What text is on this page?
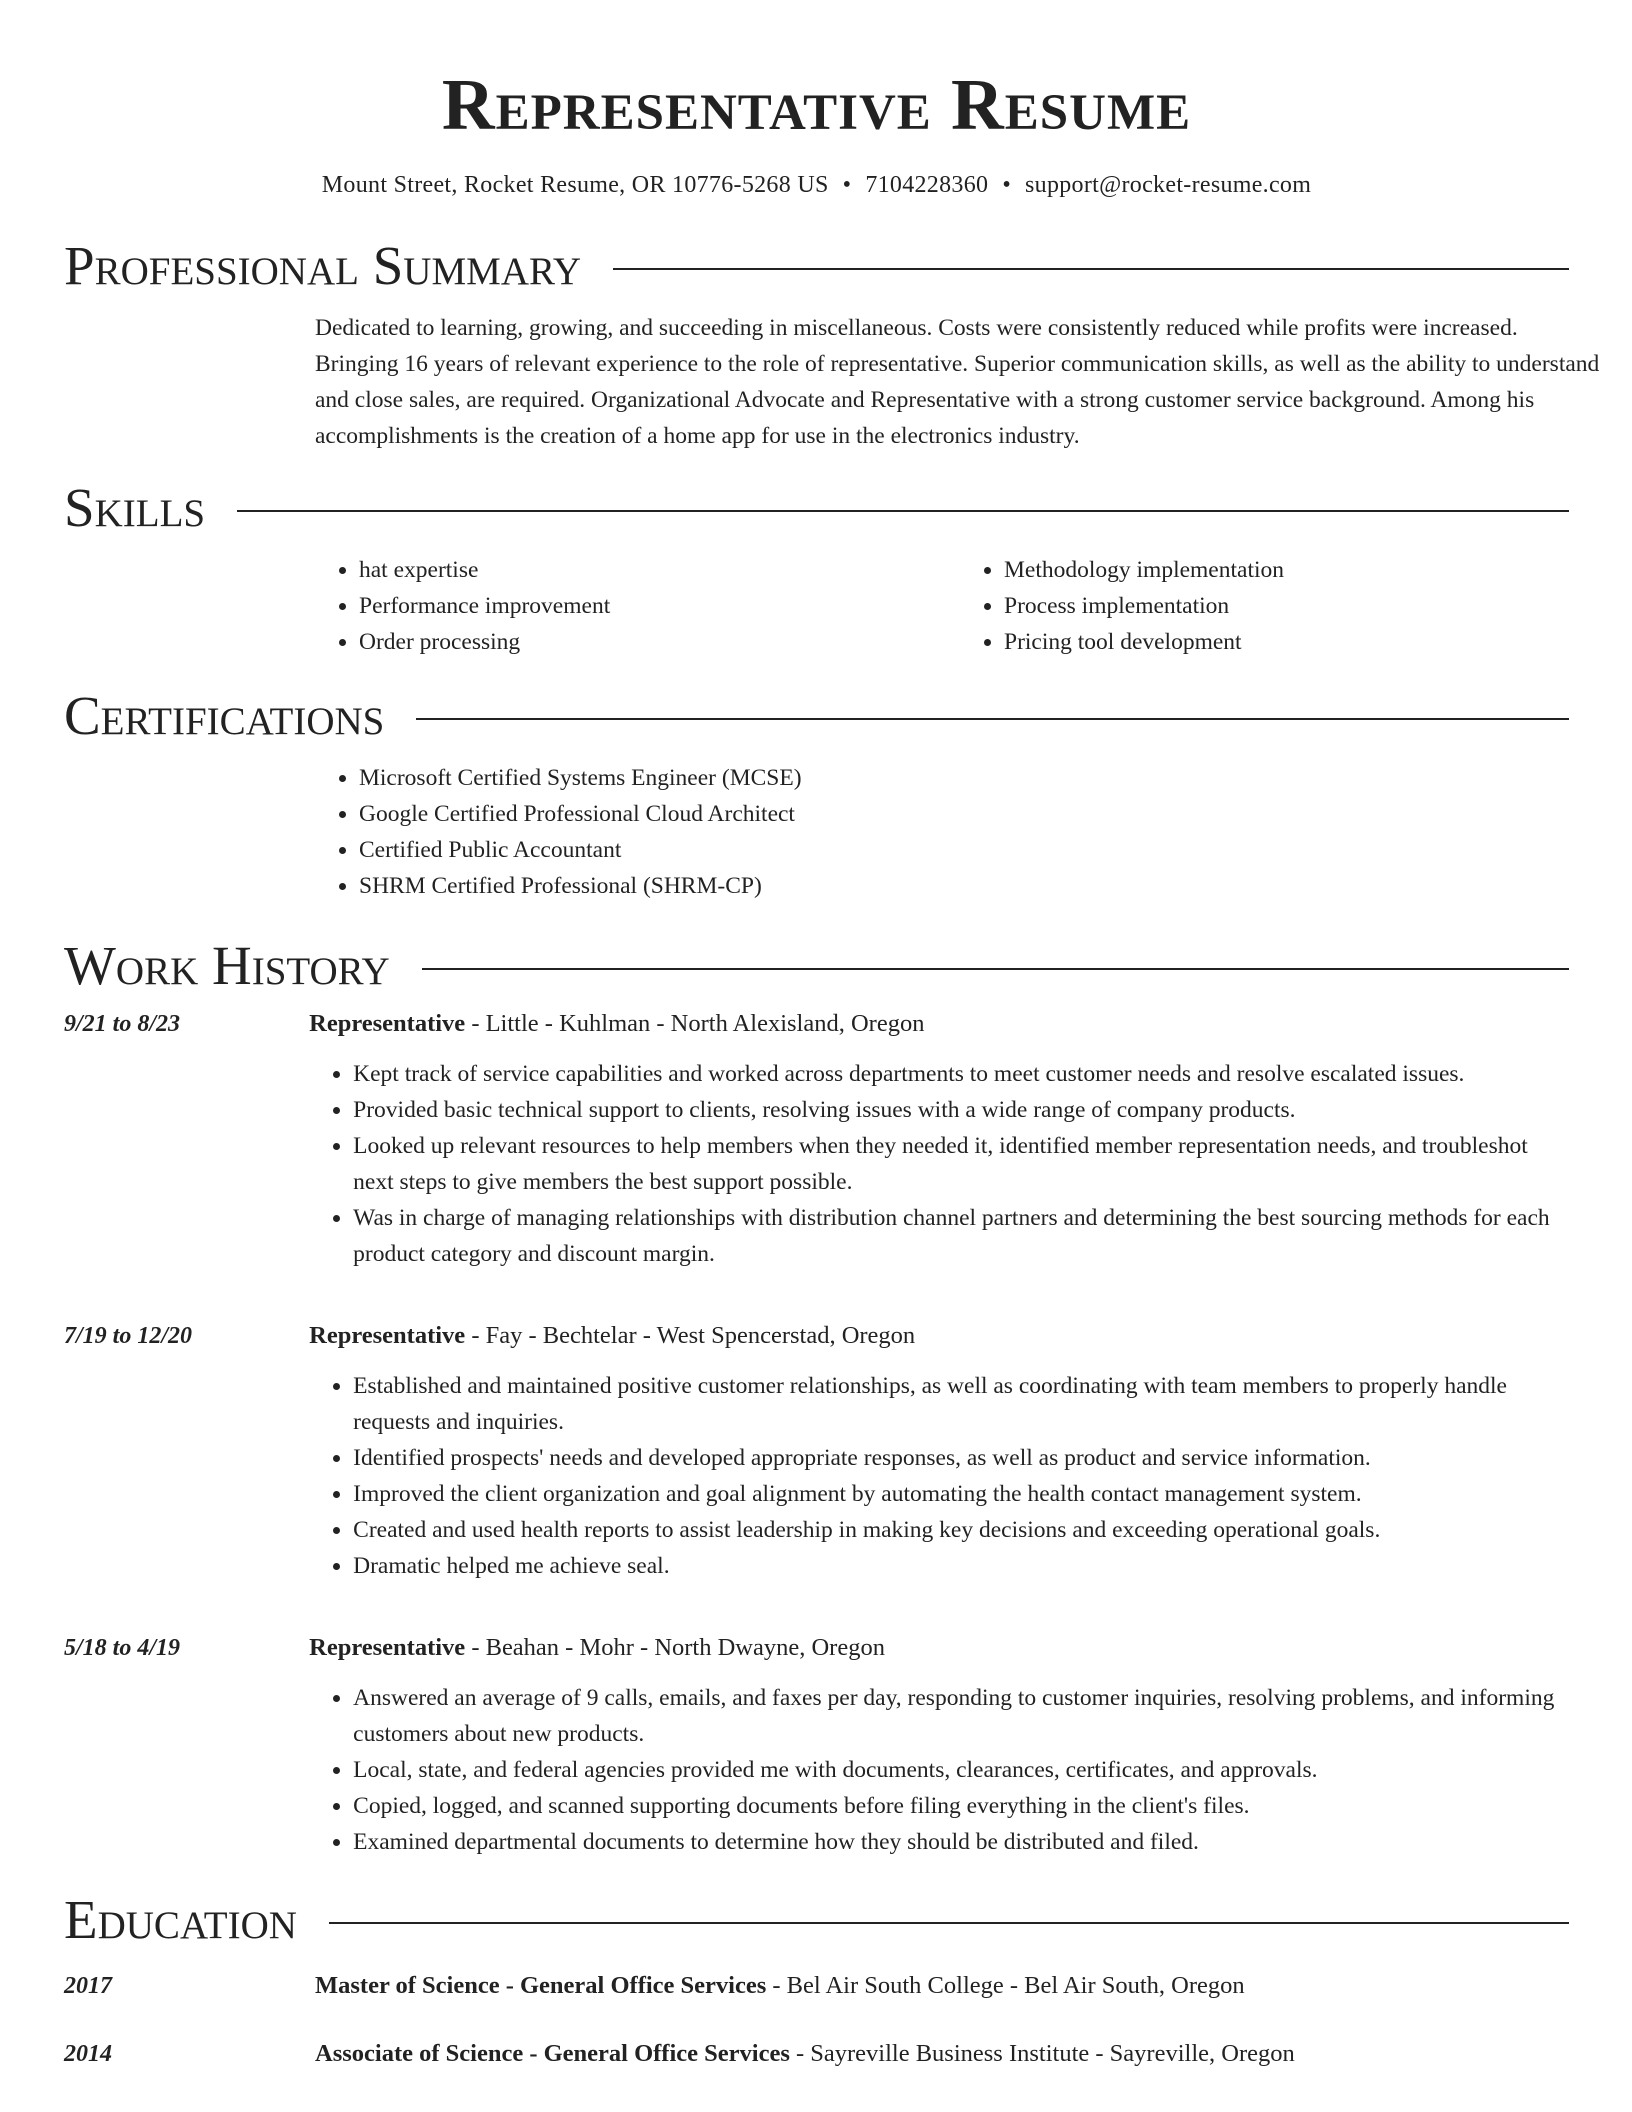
Representative Resume
Mount Street, Rocket Resume, OR 10776-5268 US • 7104228360 • support@rocket-resume.com
Professional Summary
Dedicated to learning, growing, and succeeding in miscellaneous. Costs were consistently reduced while profits were increased. Bringing 16 years of relevant experience to the role of representative. Superior communication skills, as well as the ability to understand and close sales, are required. Organizational Advocate and Representative with a strong customer service background. Among his accomplishments is the creation of a home app for use in the electronics industry.
Skills
• hat expertise
• Performance improvement
• Order processing
• Methodology implementation
• Process implementation
• Pricing tool development
Certifications
• Microsoft Certified Systems Engineer (MCSE)
• Google Certified Professional Cloud Architect
• Certified Public Accountant
• SHRM Certified Professional (SHRM-CP)
Work History
9/21 to 8/23	Representative - Little - Kuhlman - North Alexisland, Oregon
• Kept track of service capabilities and worked across departments to meet customer needs and resolve escalated issues.
• Provided basic technical support to clients, resolving issues with a wide range of company products.
• Looked up relevant resources to help members when they needed it, identified member representation needs, and troubleshot next steps to give members the best support possible.
• Was in charge of managing relationships with distribution channel partners and determining the best sourcing methods for each product category and discount margin.
7/19 to 12/20	Representative - Fay - Bechtelar - West Spencerstad, Oregon
• Established and maintained positive customer relationships, as well as coordinating with team members to properly handle requests and inquiries.
• Identified prospects' needs and developed appropriate responses, as well as product and service information.
• Improved the client organization and goal alignment by automating the health contact management system.
• Created and used health reports to assist leadership in making key decisions and exceeding operational goals.
• Dramatic helped me achieve seal.
5/18 to 4/19	Representative - Beahan - Mohr - North Dwayne, Oregon
• Answered an average of 9 calls, emails, and faxes per day, responding to customer inquiries, resolving problems, and informing customers about new products.
• Local, state, and federal agencies provided me with documents, clearances, certificates, and approvals.
• Copied, logged, and scanned supporting documents before filing everything in the client's files.
• Examined departmental documents to determine how they should be distributed and filed.
Education
2017	Master of Science - General Office Services - Bel Air South College - Bel Air South, Oregon
2014	Associate of Science - General Office Services - Sayreville Business Institute - Sayreville, Oregon
